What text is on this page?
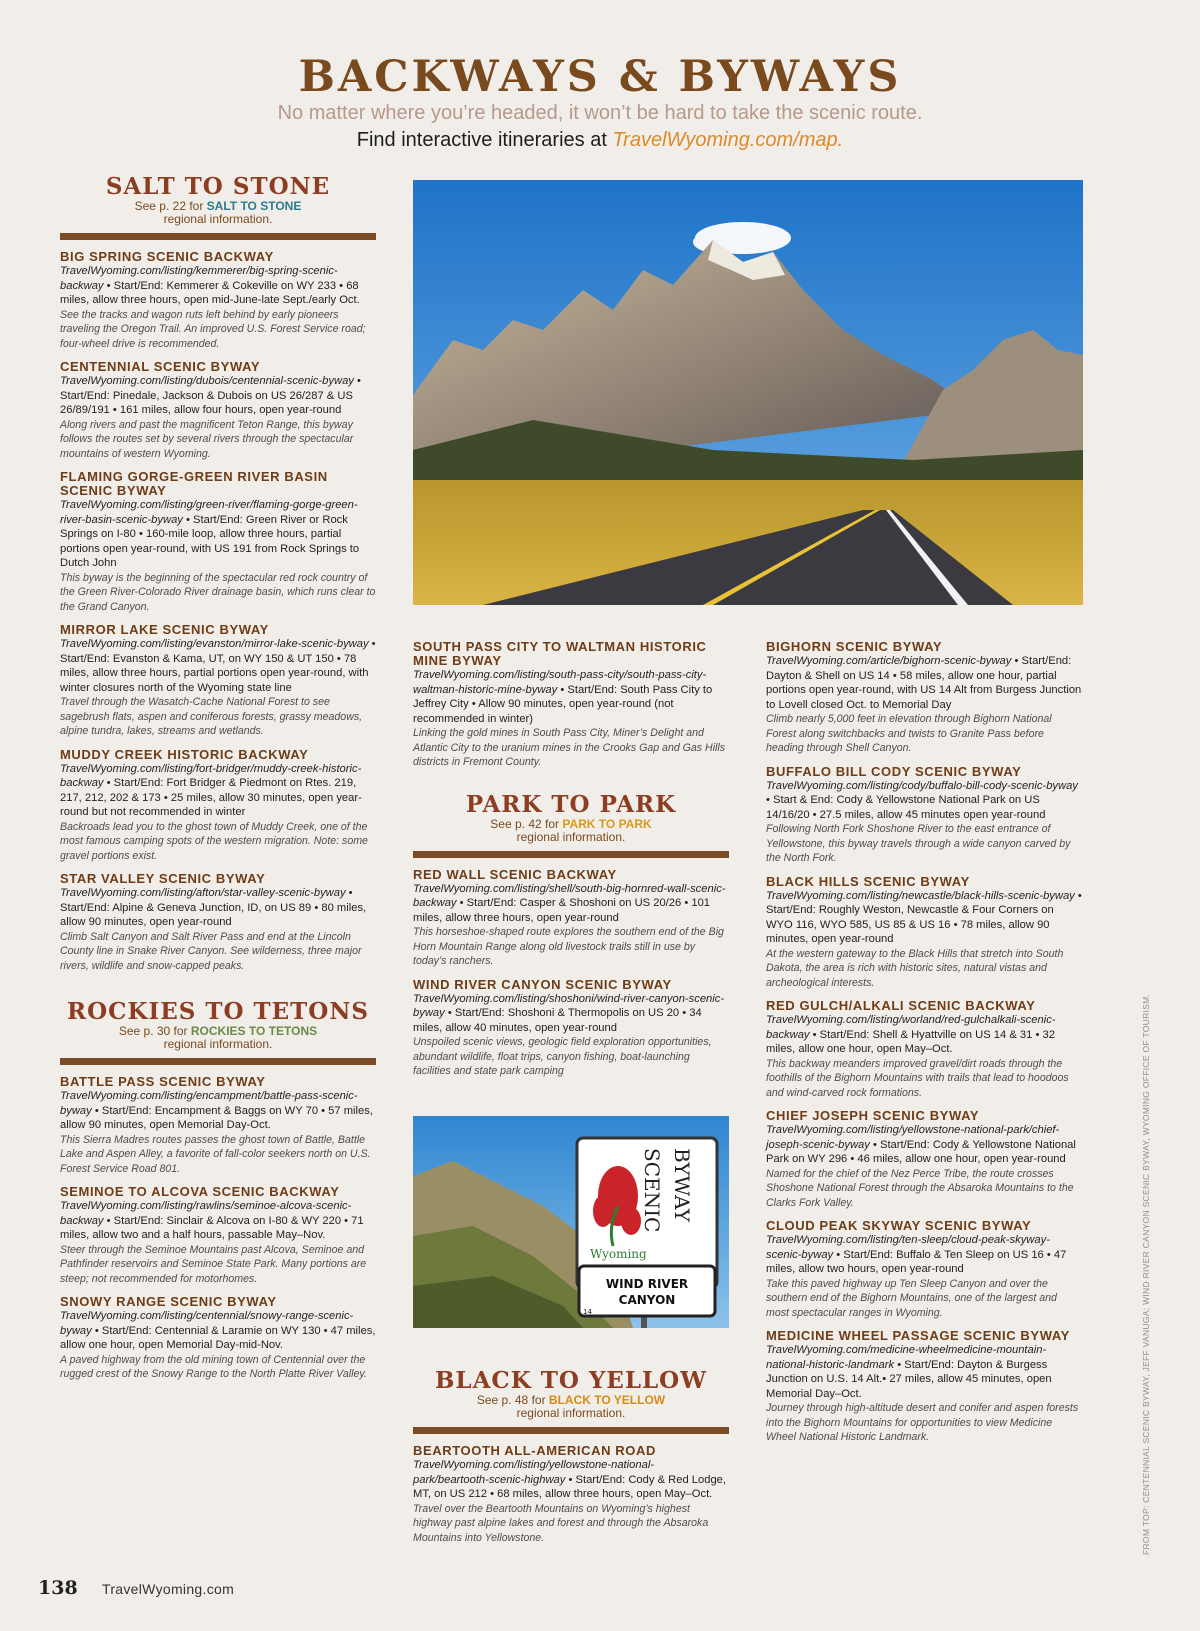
BACKWAYS & BYWAYS
No matter where you’re headed, it won’t be hard to take the scenic route.
Find interactive itineraries at TravelWyoming.com/map.
SALT TO STONE
See p. 22 for SALT TO STONE
regional information.
BIG SPRING SCENIC BACKWAY
TravelWyoming.com/listing/kemmerer/big-spring-scenic-backway • Start/End: Kemmerer & Cokeville on WY 233 • 68 miles, allow three hours, open mid-June-late Sept./early Oct.
See the tracks and wagon ruts left behind by early pioneers traveling the Oregon Trail. An improved U.S. Forest Service road; four-wheel drive is recommended.
CENTENNIAL SCENIC BYWAY
TravelWyoming.com/listing/dubois/centennial-scenic-byway • Start/End: Pinedale, Jackson & Dubois on US 26/287 & US 26/89/191 • 161 miles, allow four hours, open year-round
Along rivers and past the magnificent Teton Range, this byway follows the routes set by several rivers through the spectacular mountains of western Wyoming.
FLAMING GORGE-GREEN RIVER BASIN SCENIC BYWAY
TravelWyoming.com/listing/green-river/flaming-gorge-green-river-basin-scenic-byway • Start/End: Green River or Rock Springs on I-80 • 160-mile loop, allow three hours, partial portions open year-round, with US 191 from Rock Springs to Dutch John
This byway is the beginning of the spectacular red rock country of the Green River-Colorado River drainage basin, which runs clear to the Grand Canyon.
MIRROR LAKE SCENIC BYWAY
TravelWyoming.com/listing/evanston/mirror-lake-scenic-byway • Start/End: Evanston & Kama, UT, on WY 150 & UT 150 • 78 miles, allow three hours, partial portions open year-round, with winter closures north of the Wyoming state line
Travel through the Wasatch-Cache National Forest to see sagebrush flats, aspen and coniferous forests, grassy meadows, alpine tundra, lakes, streams and wetlands.
MUDDY CREEK HISTORIC BACKWAY
TravelWyoming.com/listing/fort-bridger/muddy-creek-historic-backway • Start/End: Fort Bridger & Piedmont on Rtes. 219, 217, 212, 202 & 173 • 25 miles, allow 30 minutes, open year-round but not recommended in winter
Backroads lead you to the ghost town of Muddy Creek, one of the most famous camping spots of the western migration. Note: some gravel portions exist.
STAR VALLEY SCENIC BYWAY
TravelWyoming.com/listing/afton/star-valley-scenic-byway • Start/End: Alpine & Geneva Junction, ID, on US 89 • 80 miles, allow 90 minutes, open year-round
Climb Salt Canyon and Salt River Pass and end at the Lincoln County line in Snake River Canyon. See wilderness, three major rivers, wildlife and snow-capped peaks.
ROCKIES TO TETONS
See p. 30 for ROCKIES TO TETONS
regional information.
BATTLE PASS SCENIC BYWAY
TravelWyoming.com/listing/encampment/battle-pass-scenic-byway • Start/End: Encampment & Baggs on WY 70 • 57 miles, allow 90 minutes, open Memorial Day-Oct.
This Sierra Madres routes passes the ghost town of Battle, Battle Lake and Aspen Alley, a favorite of fall-color seekers north on U.S. Forest Service Road 801.
SEMINOE TO ALCOVA SCENIC BACKWAY
TravelWyoming.com/listing/rawlins/seminoe-alcova-scenic-backway • Start/End: Sinclair & Alcova on I-80 & WY 220 • 71 miles, allow two and a half hours, passable May–Nov.
Steer through the Seminoe Mountains past Alcova, Seminoe and Pathfinder reservoirs and Seminoe State Park. Many portions are steep; not recommended for motorhomes.
SNOWY RANGE SCENIC BYWAY
TravelWyoming.com/listing/centennial/snowy-range-scenic-byway • Start/End: Centennial & Laramie on WY 130 • 47 miles, allow one hour, open Memorial Day-mid-Nov.
A paved highway from the old mining town of Centennial over the rugged crest of the Snowy Range to the North Platte River Valley.
SOUTH PASS CITY TO WALTMAN HISTORIC MINE BYWAY
TravelWyoming.com/listing/south-pass-city/south-pass-city-waltman-historic-mine-byway • Start/End: South Pass City to Jeffrey City • Allow 90 minutes, open year-round (not recommended in winter)
Linking the gold mines in South Pass City, Miner’s Delight and Atlantic City to the uranium mines in the Crooks Gap and Gas Hills districts in Fremont County.
PARK TO PARK
See p. 42 for PARK TO PARK
regional information.
RED WALL SCENIC BACKWAY
TravelWyoming.com/listing/shell/south-big-hornred-wall-scenic-backway • Start/End: Casper & Shoshoni on US 20/26 • 101 miles, allow three hours, open year-round
This horseshoe-shaped route explores the southern end of the Big Horn Mountain Range along old livestock trails still in use by today’s ranchers.
WIND RIVER CANYON SCENIC BYWAY
TravelWyoming.com/listing/shoshoni/wind-river-canyon-scenic-byway • Start/End: Shoshoni & Thermopolis on US 20 • 34 miles, allow 40 minutes, open year-round
Unspoiled scenic views, geologic field exploration opportunities, abundant wildlife, float trips, canyon fishing, boat-launching facilities and state park camping
SCENIC BYWAY
Wyoming
WIND RIVER
CANYON
14
BLACK TO YELLOW
See p. 48 for BLACK TO YELLOW
regional information.
BEARTOOTH ALL-AMERICAN ROAD
TravelWyoming.com/listing/yellowstone-national-park/beartooth-scenic-highway • Start/End: Cody & Red Lodge, MT, on US 212 • 68 miles, allow three hours, open May–Oct.
Travel over the Beartooth Mountains on Wyoming’s highest highway past alpine lakes and forest and through the Absaroka Mountains into Yellowstone.
BIGHORN SCENIC BYWAY
TravelWyoming.com/article/bighorn-scenic-byway • Start/End: Dayton & Shell on US 14 • 58 miles, allow one hour, partial portions open year-round, with US 14 Alt from Burgess Junction to Lovell closed Oct. to Memorial Day
Climb nearly 5,000 feet in elevation through Bighorn National Forest along switchbacks and twists to Granite Pass before heading through Shell Canyon.
BUFFALO BILL CODY SCENIC BYWAY
TravelWyoming.com/listing/cody/buffalo-bill-cody-scenic-byway • Start & End: Cody & Yellowstone National Park on US 14/16/20 • 27.5 miles, allow 45 minutes open year-round
Following North Fork Shoshone River to the east entrance of Yellowstone, this byway travels through a wide canyon carved by the North Fork.
BLACK HILLS SCENIC BYWAY
TravelWyoming.com/listing/newcastle/black-hills-scenic-byway • Start/End: Roughly Weston, Newcastle & Four Corners on WYO 116, WYO 585, US 85 & US 16 • 78 miles, allow 90 minutes, open year-round
At the western gateway to the Black Hills that stretch into South Dakota, the area is rich with historic sites, natural vistas and archeological interests.
RED GULCH/ALKALI SCENIC BACKWAY
TravelWyoming.com/listing/worland/red-gulchalkali-scenic-backway • Start/End: Shell & Hyattville on US 14 & 31 • 32 miles, allow one hour, open May–Oct.
This backway meanders improved gravel/dirt roads through the foothills of the Bighorn Mountains with trails that lead to hoodoos and wind-carved rock formations.
CHIEF JOSEPH SCENIC BYWAY
TravelWyoming.com/listing/yellowstone-national-park/chief-joseph-scenic-byway • Start/End: Cody & Yellowstone National Park on WY 296 • 46 miles, allow one hour, open year-round
Named for the chief of the Nez Perce Tribe, the route crosses Shoshone National Forest through the Absaroka Mountains to the Clarks Fork Valley.
CLOUD PEAK SKYWAY SCENIC BYWAY
TravelWyoming.com/listing/ten-sleep/cloud-peak-skyway-scenic-byway • Start/End: Buffalo & Ten Sleep on US 16 • 47 miles, allow two hours, open year-round
Take this paved highway up Ten Sleep Canyon and over the southern end of the Bighorn Mountains, one of the largest and most spectacular ranges in Wyoming.
MEDICINE WHEEL PASSAGE SCENIC BYWAY
TravelWyoming.com/medicine-wheelmedicine-mountain-national-historic-landmark • Start/End: Dayton & Burgess Junction on U.S. 14 Alt.• 27 miles, allow 45 minutes, open Memorial Day–Oct.
Journey through high-altitude desert and conifer and aspen forests into the Bighorn Mountains for opportunities to view Medicine Wheel National Historic Landmark.
138 TravelWyoming.com
FROM TOP: CENTENNIAL SCENIC BYWAY, JEFF VANUGA; WIND RIVER CANYON SCENIC BYWAY, WYOMING OFFICE OF TOURISM.
